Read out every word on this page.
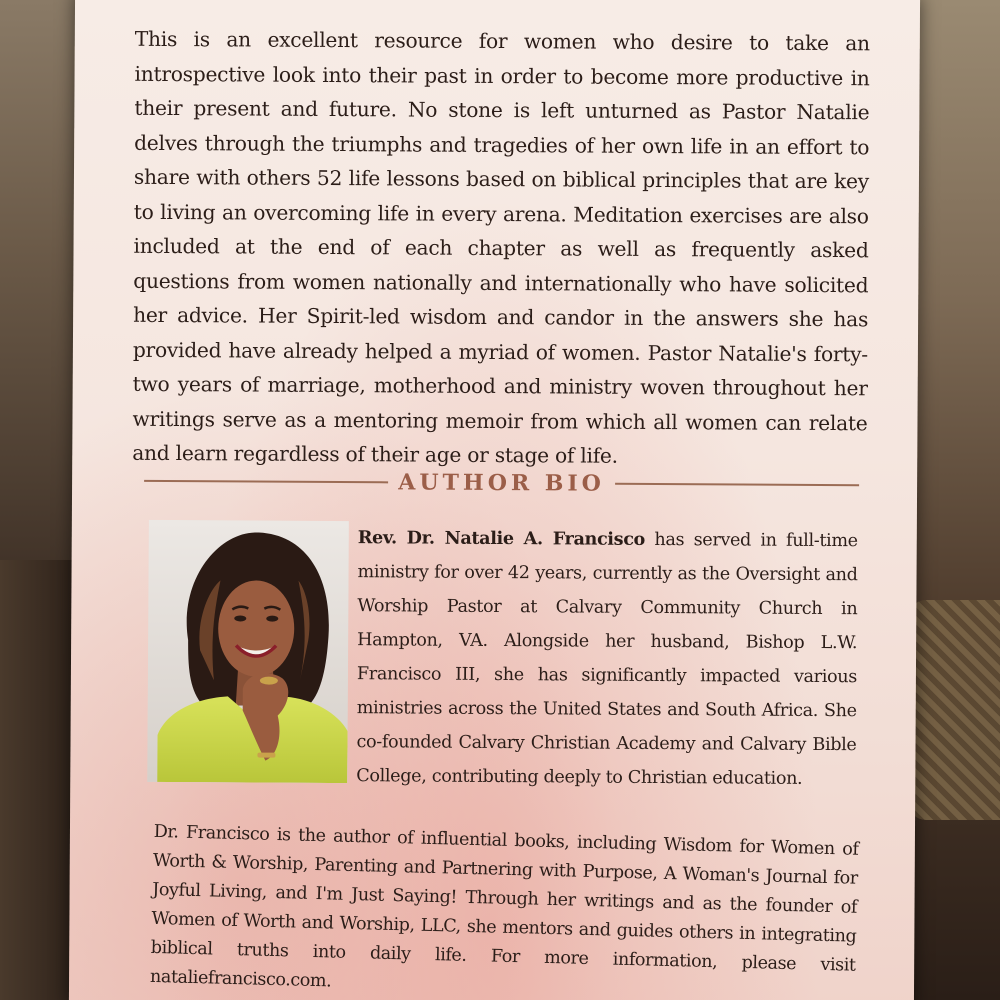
This is an excellent resource for women who desire to take an introspective look into their past in order to become more productive in their present and future. No stone is left unturned as Pastor Natalie delves through the triumphs and tragedies of her own life in an effort to share with others 52 life lessons based on biblical principles that are key to living an overcoming life in every arena. Meditation exercises are also included at the end of each chapter as well as frequently asked questions from women nationally and internationally who have solicited her advice. Her Spirit-led wisdom and candor in the answers she has provided have already helped a myriad of women. Pastor Natalie's forty-two years of marriage, motherhood and ministry woven throughout her writings serve as a mentoring memoir from which all women can relate and learn regardless of their age or stage of life.

AUTHOR BIO

Rev. Dr. Natalie A. Francisco has served in full-time ministry for over 42 years, currently as the Oversight and Worship Pastor at Calvary Community Church in Hampton, VA. Alongside her husband, Bishop L.W. Francisco III, she has significantly impacted various ministries across the United States and South Africa. She co-founded Calvary Christian Academy and Calvary Bible College, contributing deeply to Christian education.

Dr. Francisco is the author of influential books, including Wisdom for Women of Worth & Worship, Parenting and Partnering with Purpose, A Woman's Journal for Joyful Living, and I'm Just Saying! Through her writings and as the founder of Women of Worth and Worship, LLC, she mentors and guides others in integrating biblical truths into daily life. For more information, please visit nataliefrancisco.com.
